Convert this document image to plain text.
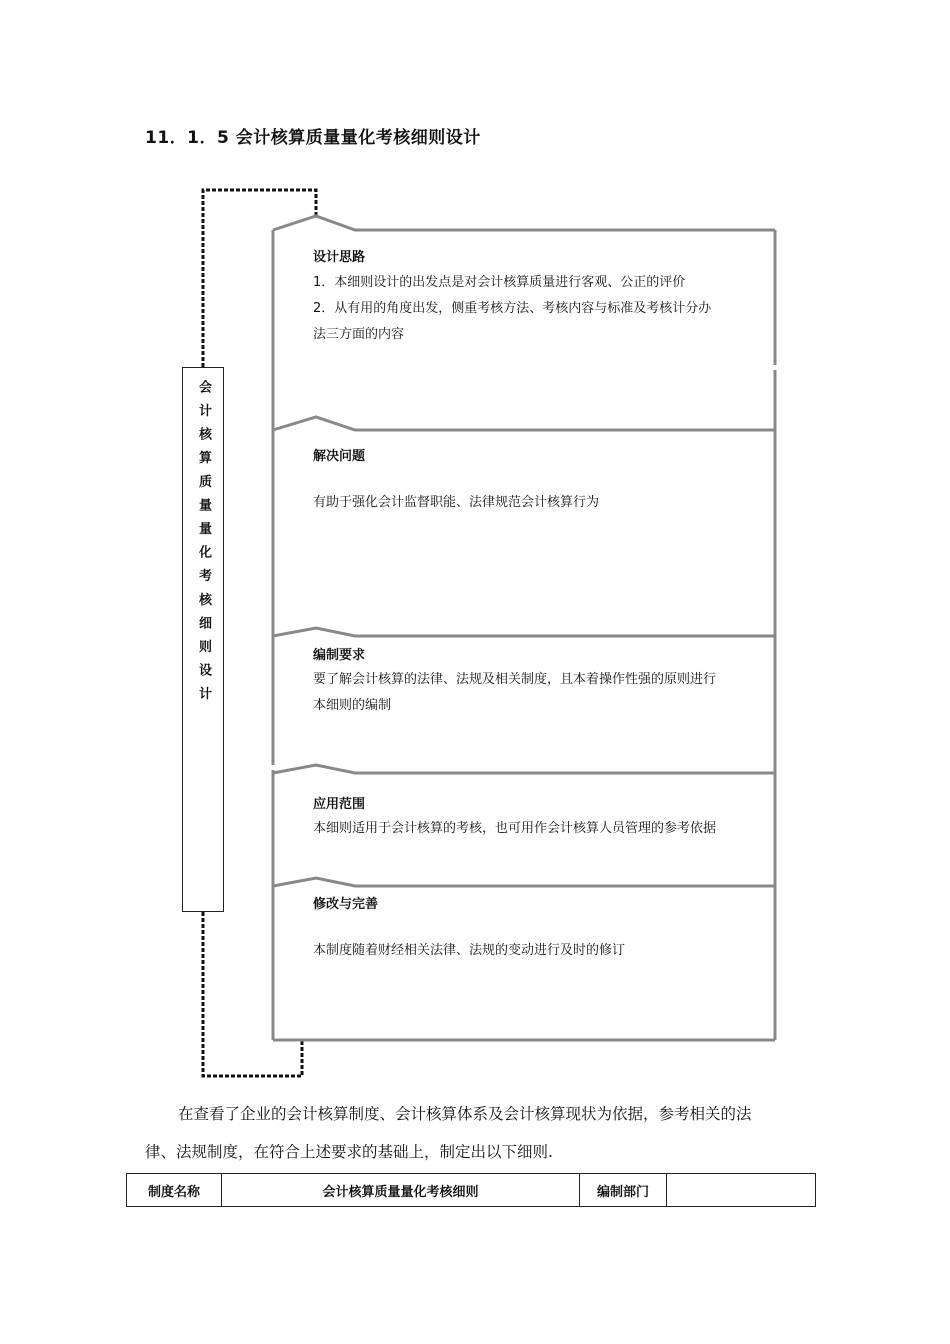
11．1．5 会计核算质量量化考核细则设计
会计核算质量量化考核细则设计

设计思路

1．本细则设计的出发点是对会计核算质量进行客观、公正的评价

2．从有用的角度出发，侧重考核方法、考核内容与标准及考核计分办

法三方面的内容

解决问题

有助于强化会计监督职能、法律规范会计核算行为

编制要求

要了解会计核算的法律、法规及相关制度，且本着操作性强的原则进行

本细则的编制

应用范围

本细则适用于会计核算的考核，也可用作会计核算人员管理的参考依据

修改与完善

本制度随着财经相关法律、法规的变动进行及时的修订

在查看了企业的会计核算制度、会计核算体系及会计核算现状为依据，参考相关的法

律、法规制度，在符合上述要求的基础上，制定出以下细则.

制度名称	会计核算质量量化考核细则	编制部门	
